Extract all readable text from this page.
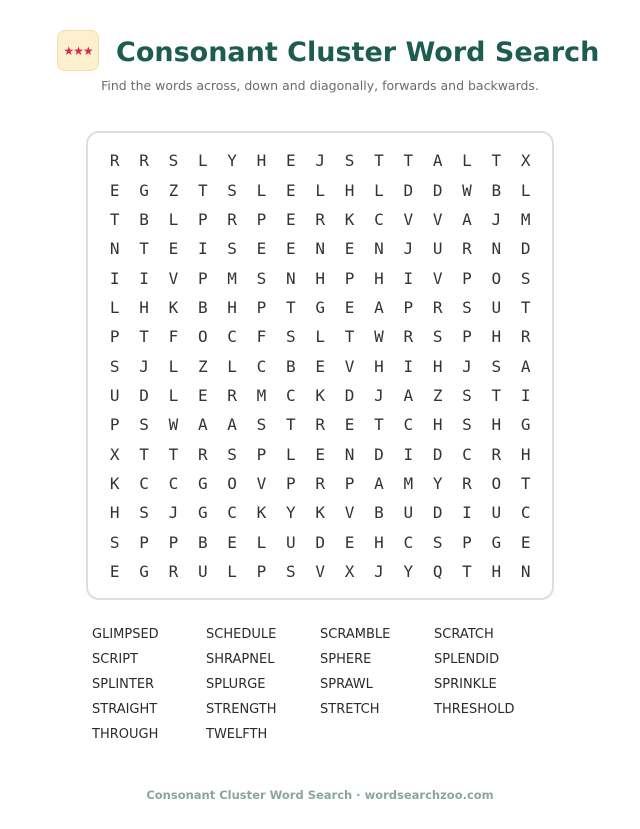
★★★ Consonant Cluster Word Search

Find the words across, down and diagonally, forwards and backwards.

R	R	S	L	Y	H	E	J	S	T	T	A	L	T	X
E	G	Z	T	S	L	E	L	H	L	D	D	W	B	L
T	B	L	P	R	P	E	R	K	C	V	V	A	J	M
N	T	E	I	S	E	E	N	E	N	J	U	R	N	D
I	I	V	P	M	S	N	H	P	H	I	V	P	O	S
L	H	K	B	H	P	T	G	E	A	P	R	S	U	T
P	T	F	O	C	F	S	L	T	W	R	S	P	H	R
S	J	L	Z	L	C	B	E	V	H	I	H	J	S	A
U	D	L	E	R	M	C	K	D	J	A	Z	S	T	I
P	S	W	A	A	S	T	R	E	T	C	H	S	H	G
X	T	T	R	S	P	L	E	N	D	I	D	C	R	H
K	C	C	G	O	V	P	R	P	A	M	Y	R	O	T
H	S	J	G	C	K	Y	K	V	B	U	D	I	U	C
S	P	P	B	E	L	U	D	E	H	C	S	P	G	E
E	G	R	U	L	P	S	V	X	J	Y	Q	T	H	N
GLIMPSED	SCHEDULE	SCRAMBLE	SCRATCH
SCRIPT	SHRAPNEL	SPHERE	SPLENDID
SPLINTER	SPLURGE	SPRAWL	SPRINKLE
STRAIGHT	STRENGTH	STRETCH	THRESHOLD
THROUGH	TWELFTH
Consonant Cluster Word Search · wordsearchzoo.com
